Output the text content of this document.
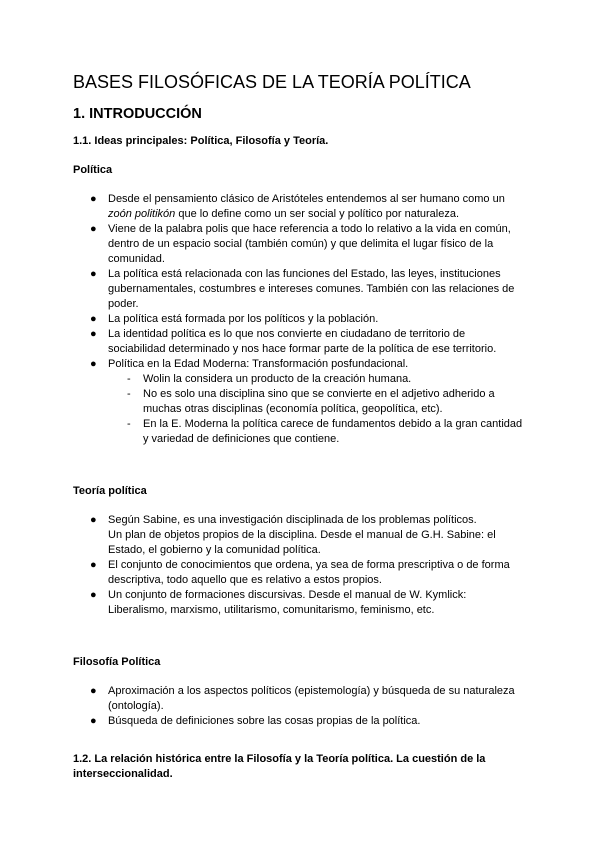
BASES FILOSÓFICAS DE LA TEORÍA POLÍTICA
1. INTRODUCCIÓN
1.1. Ideas principales: Política, Filosofía y Teoría.
Política
● Desde el pensamiento clásico de Aristóteles entendemos al ser humano como un
zoón politikón que lo define como un ser social y político por naturaleza.
● Viene de la palabra polis que hace referencia a todo lo relativo a la vida en común,
dentro de un espacio social (también común) y que delimita el lugar físico de la
comunidad.
● La política está relacionada con las funciones del Estado, las leyes, instituciones
gubernamentales, costumbres e intereses comunes. También con las relaciones de
poder.
● La política está formada por los políticos y la población.
● La identidad política es lo que nos convierte en ciudadano de territorio de
sociabilidad determinado y nos hace formar parte de la política de ese territorio.
● Política en la Edad Moderna: Transformación posfundacional.
- Wolin la considera un producto de la creación humana.
- No es solo una disciplina sino que se convierte en el adjetivo adherido a
muchas otras disciplinas (economía política, geopolítica, etc).
- En la E. Moderna la política carece de fundamentos debido a la gran cantidad
y variedad de definiciones que contiene.
Teoría política
● Según Sabine, es una investigación disciplinada de los problemas políticos.
Un plan de objetos propios de la disciplina. Desde el manual de G.H. Sabine: el
Estado, el gobierno y la comunidad política.
● El conjunto de conocimientos que ordena, ya sea de forma prescriptiva o de forma
descriptiva, todo aquello que es relativo a estos propios.
● Un conjunto de formaciones discursivas. Desde el manual de W. Kymlick:
Liberalismo, marxismo, utilitarismo, comunitarismo, feminismo, etc.
Filosofía Política
● Aproximación a los aspectos políticos (epistemología) y búsqueda de su naturaleza
(ontología).
● Búsqueda de definiciones sobre las cosas propias de la política.
1.2. La relación histórica entre la Filosofía y la Teoría política. La cuestión de la
interseccionalidad.
